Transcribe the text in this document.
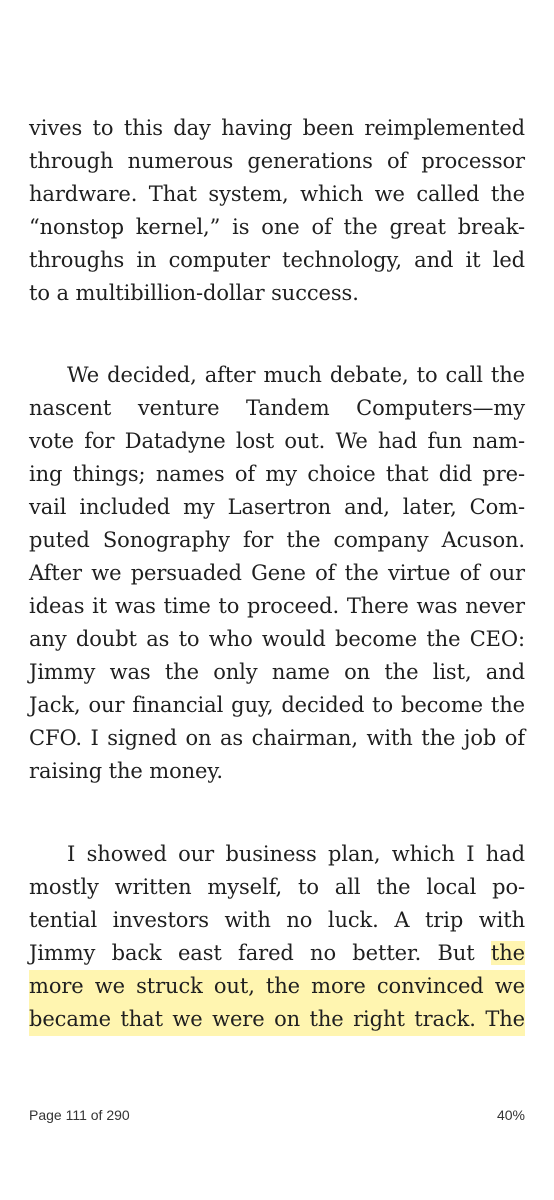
vives to this day having been reimplemented
through numerous generations of processor
hardware. That system, which we called the
“nonstop kernel,” is one of the great break-
throughs in computer technology, and it led
to a multibillion-dollar success.
We decided, after much debate, to call the
nascent venture Tandem Computers—my
vote for Datadyne lost out. We had fun nam-
ing things; names of my choice that did pre-
vail included my Lasertron and, later, Com-
puted Sonography for the company Acuson.
After we persuaded Gene of the virtue of our
ideas it was time to proceed. There was never
any doubt as to who would become the CEO:
Jimmy was the only name on the list, and
Jack, our financial guy, decided to become the
CFO. I signed on as chairman, with the job of
raising the money.
I showed our business plan, which I had
mostly written myself, to all the local po-
tential investors with no luck. A trip with
Jimmy back east fared no better. But the
more we struck out, the more convinced we
became that we were on the right track. The
Page 111 of 290	40%
